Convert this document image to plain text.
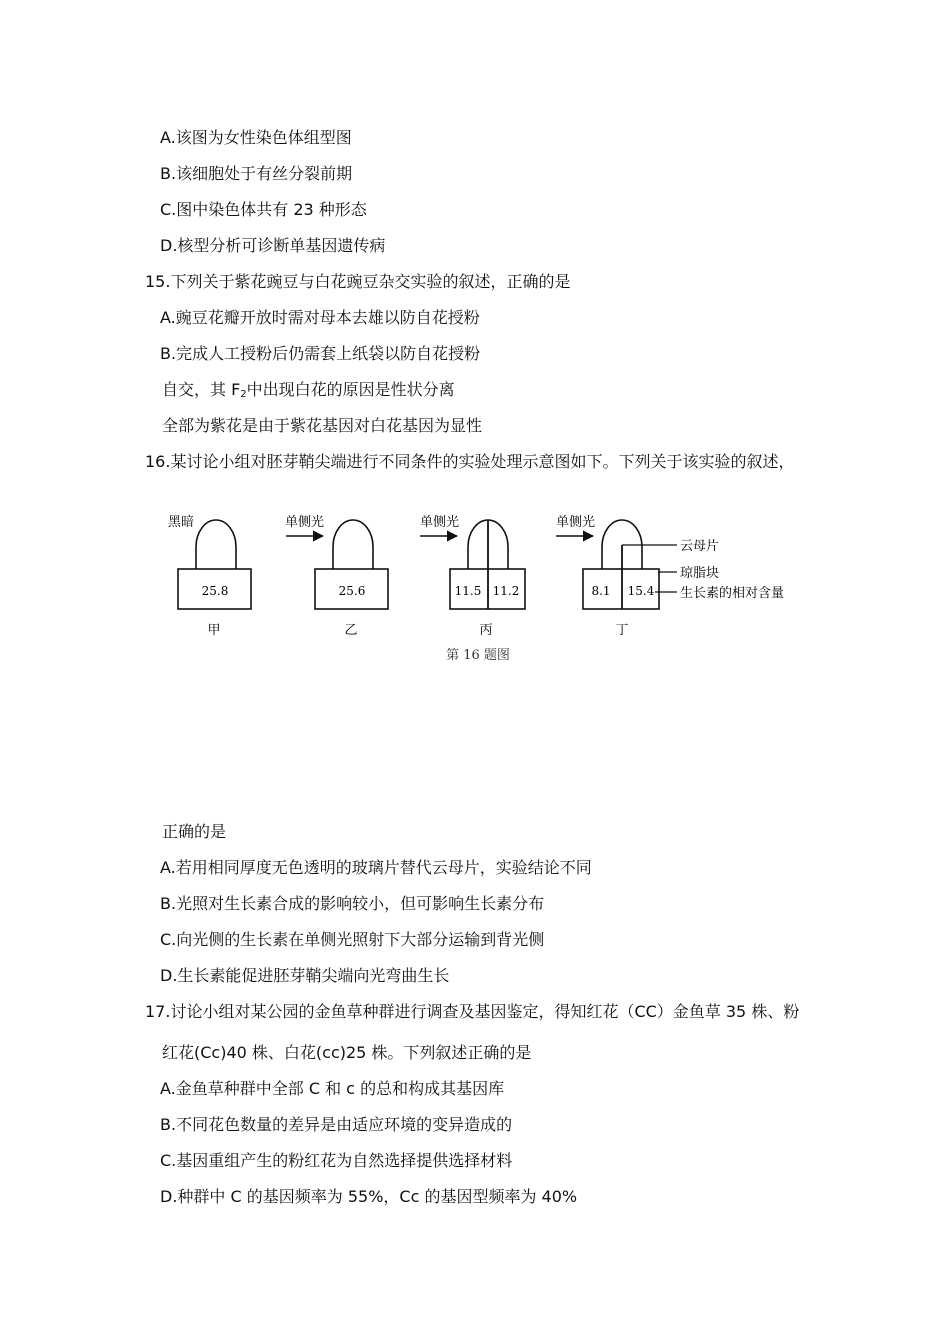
A.该图为女性染色体组型图
B.该细胞处于有丝分裂前期
C.图中染色体共有 23 种形态
D.核型分析可诊断单基因遗传病
15.下列关于紫花豌豆与白花豌豆杂交实验的叙述，正确的是
A.豌豆花瓣开放时需对母本去雄以防自花授粉
B.完成人工授粉后仍需套上纸袋以防自花授粉
自交，其 $F_2$中出现白花的原因是性状分离
全部为紫花是由于紫花基因对白花基因为显性
16.某讨论小组对胚芽鞘尖端进行不同条件的实验处理示意图如下。下列关于该实验的叙述，
黑暗
25.8
甲
单侧光
25.6
乙
单侧光
11.5 11.2
丙
单侧光
8.1 15.4
丁
云母片
琼脂块
生长素的相对含量
第 16 题图
正确的是
A.若用相同厚度无色透明的玻璃片替代云母片，实验结论不同
B.光照对生长素合成的影响较小，但可影响生长素分布
C.向光侧的生长素在单侧光照射下大部分运输到背光侧
D.生长素能促进胚芽鞘尖端向光弯曲生长
17.讨论小组对某公园的金鱼草种群进行调查及基因鉴定，得知红花（CC）金鱼草 35 株、粉
红花(Cc)40 株、白花(cc)25 株。下列叙述正确的是
A.金鱼草种群中全部 C 和 c 的总和构成其基因库
B.不同花色数量的差异是由适应环境的变异造成的
C.基因重组产生的粉红花为自然选择提供选择材料
D.种群中 C 的基因频率为 55%，Cc 的基因型频率为 40%
